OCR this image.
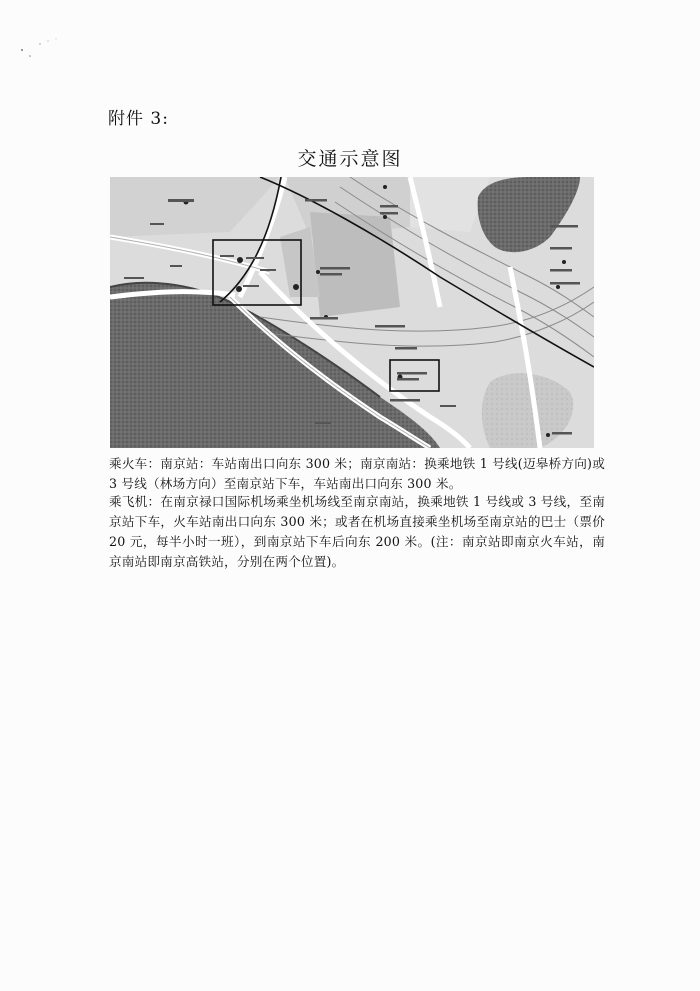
附件 3:
交通示意图
乘火车：南京站：车站南出口向东 300 米；南京南站：换乘地铁 1 号线(迈皋桥方向)或 3 号线（林场方向）至南京站下车，车站南出口向东 300 米。
乘飞机：在南京禄口国际机场乘坐机场线至南京南站，换乘地铁 1 号线或 3 号线，至南京站下车，火车站南出口向东 300 米；或者在机场直接乘坐机场至南京站的巴士（票价 20 元，每半小时一班），到南京站下车后向东 200 米。(注：南京站即南京火车站，南京南站即南京高铁站，分别在两个位置)。
